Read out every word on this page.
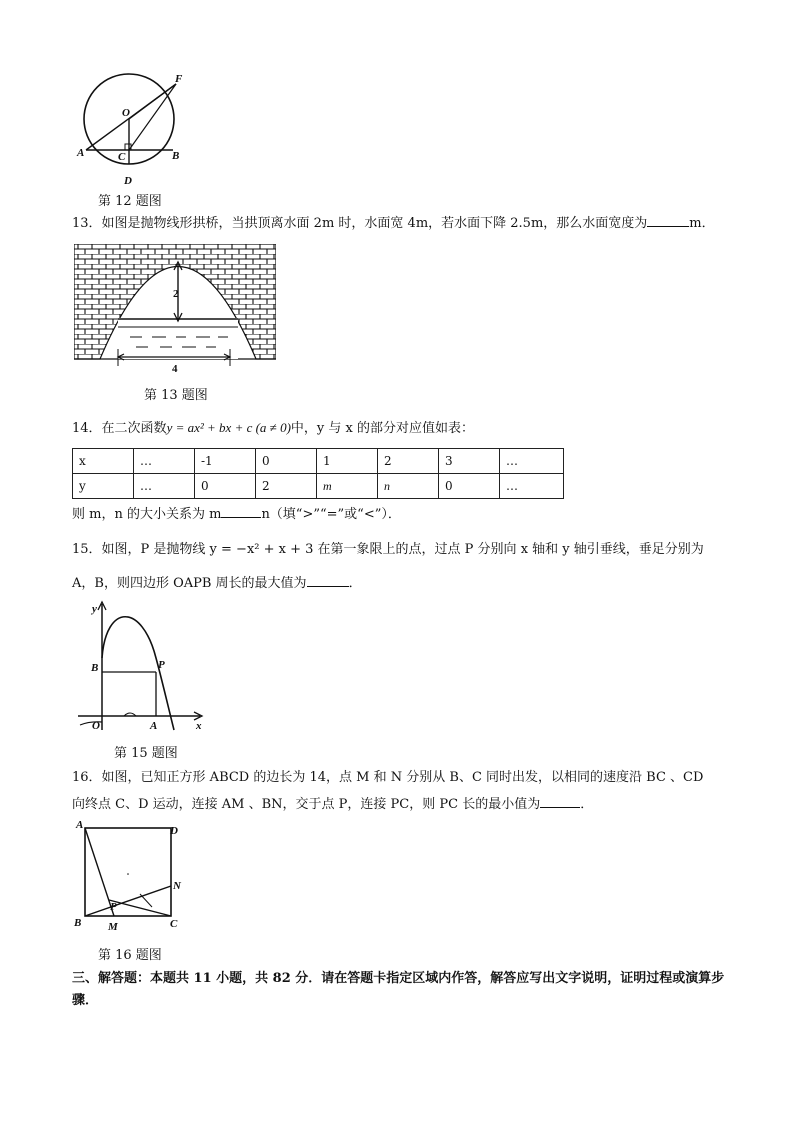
O
F
A	C	B
D
第 12 题图
13．如图是抛物线形拱桥，当拱顶离水面 2m 时，水面宽 4m，若水面下降 2.5m，那么水面宽度为	m．
2
4
第 13 题图
14．在二次函数y = ax² + bx + c (a ≠ 0)中，y 与 x 的部分对应值如表：
x	…	-1	0	1	2	3	…
y	…	0	2	m	n	0	…
则 m，n 的大小关系为 m	n（填“>”“=”或“<”）．
15．如图，P 是抛物线 y = −x² + x + 3 在第一象限上的点，过点 P 分别向 x 轴和 y 轴引垂线，垂足分别为
A，B，则四边形 OAPB 周长的最大值为	．
y
x
O	A
B	P
第 15 题图
16．如图，已知正方形 ABCD 的边长为 14，点 M 和 N 分别从 B、C 同时出发，以相同的速度沿 BC 、CD
向终点 C、D 运动，连接 AM 、BN，交于点 P，连接 PC，则 PC 长的最小值为	．
A	D
B	C
N
P
M
第 16 题图
三、解答题：本题共 11 小题，共 82 分．请在答题卡指定区域内作答，解答应写出文字说明，证明过程或演算步骤．
